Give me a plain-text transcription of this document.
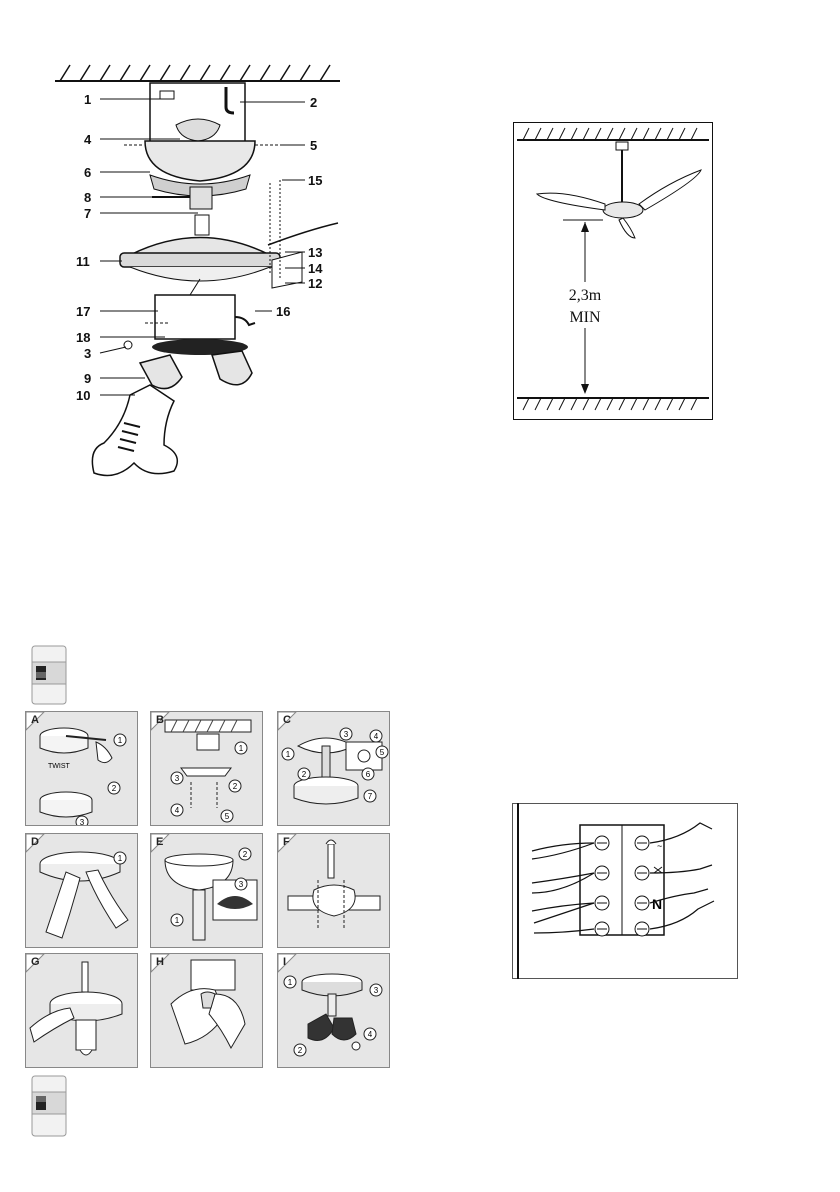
1	2
4	5
6
15
8
7
11
13
14
12
17	16
18
3
9
10
2,3m
MIN
1
2
3
TWIST
A
1
2
3
4
5
B
1
2
3	4
5
6
7
C
1
D
1
2
3
E	F
G	H
1
2
3
4
I
~
N
